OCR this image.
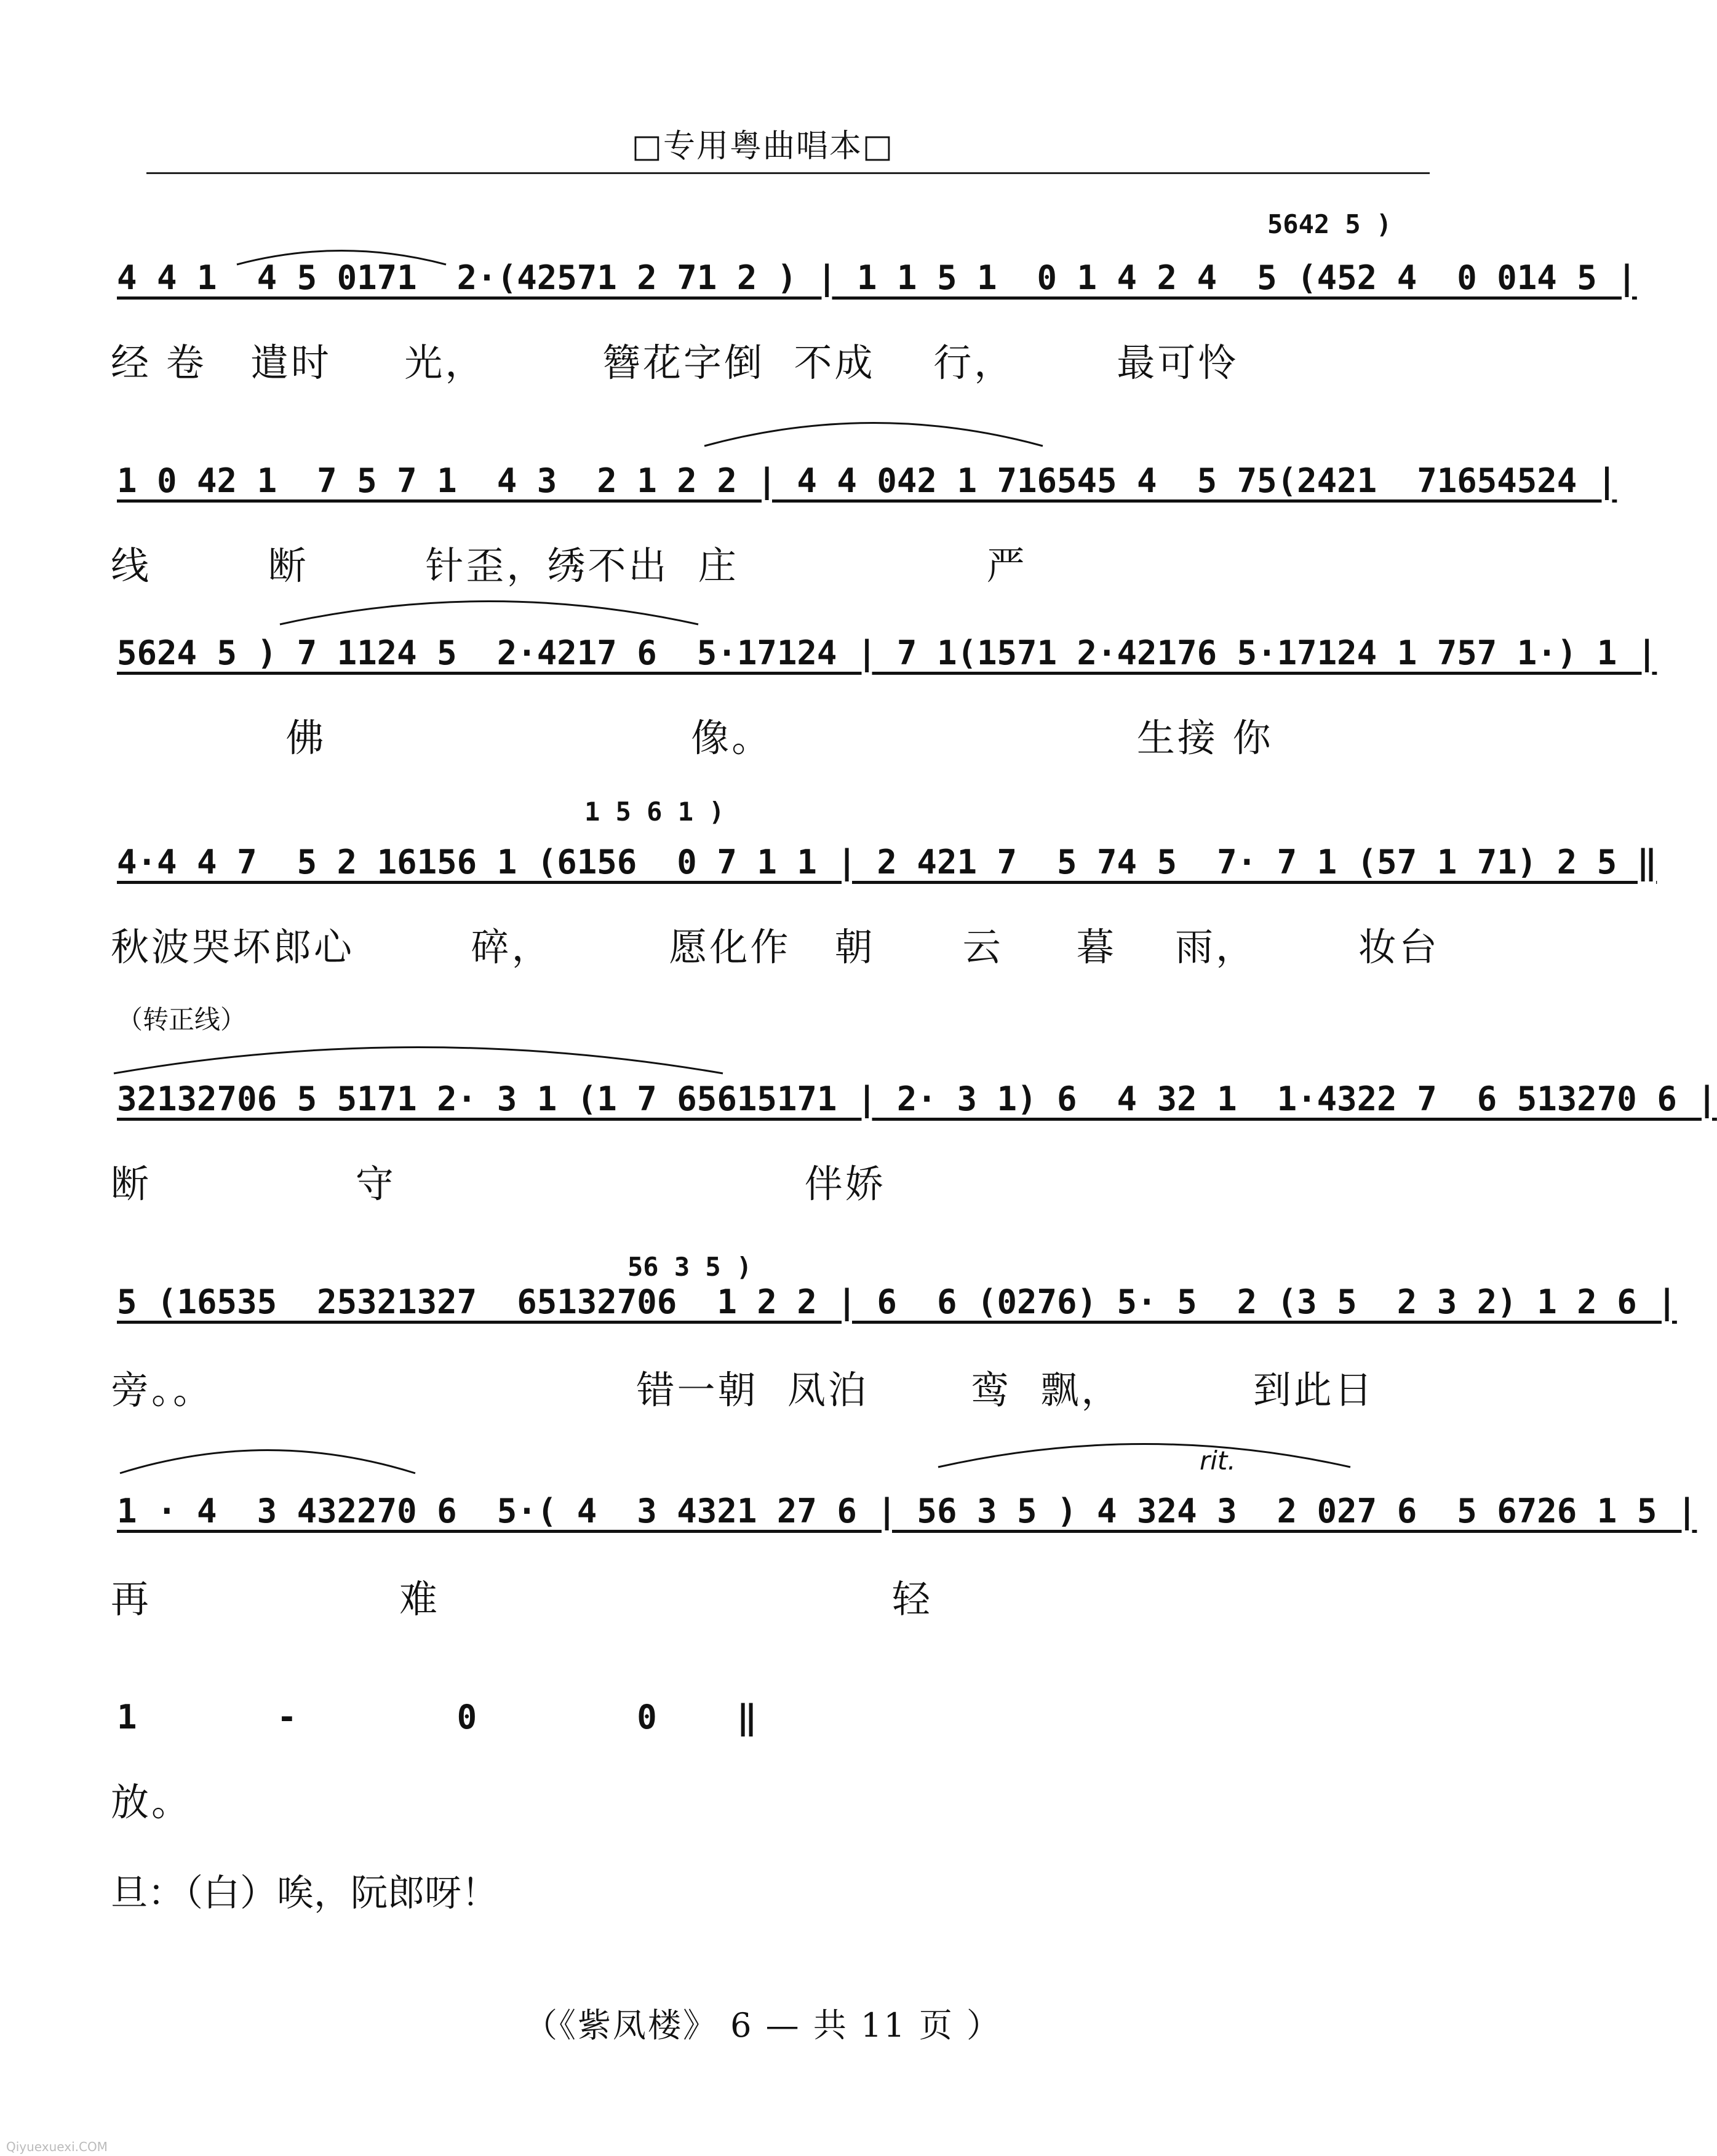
□专用粤曲唱本□
5642 5 )
4 4 1  4 5 0171  2·(42571 2 71 2 ) | 1 1 5 1  0 1 4 2 4  5 (452 4  0 014 5 |
经 卷   遣时     光，        簪花字倒  不成    行，       最可怜
1 0 42 1  7 5 7 1  4 3  2 1 2 2 | 4 4 042 1 716545 4  5 75(2421  71654524 |
线        断        针歪，绣不出  庄                 严
5624 5 ) 7 1124 5  2·4217 6  5·17124 | 7 1(1571 2·42176 5·17124 1 757 1·) 1 |
佛                         像。                         生接 你
1 5 6 1 )
4·4 4 7  5 2 16156 1 (6156  0 7 1 1 | 2 421 7  5 74 5  7· 7 1 (57 1 71) 2 5 ‖
秋波哭坏郎心        碎，        愿化作   朝      云     暮    雨，       妆台
（转正线）
32132706 5 5171 2· 3 1 (1 7 65615171 | 2· 3 1) 6  4 32 1  1·4322 7  6 513270 6 |
断              守                            伴娇
56 3 5 )
5 (16535  25321327  65132706  1 2 2 | 6  6 (0276) 5· 5  2 (3 5  2 3 2) 1 2 6 |
旁。。                             错一朝  凤泊       鸾  飘，         到此日
rit.
1 · 4  3 432270 6  5·( 4  3 4321 27 6 | 56 3 5 ) 4 324 3  2 027 6  5 6726 1 5 |
再                 难                               轻
1       -        0        0    ‖
放。
旦：（白）唉，阮郎呀！
（《紫凤楼》 6 — 共 11 页 ）
Qiyuexuexi.COM
